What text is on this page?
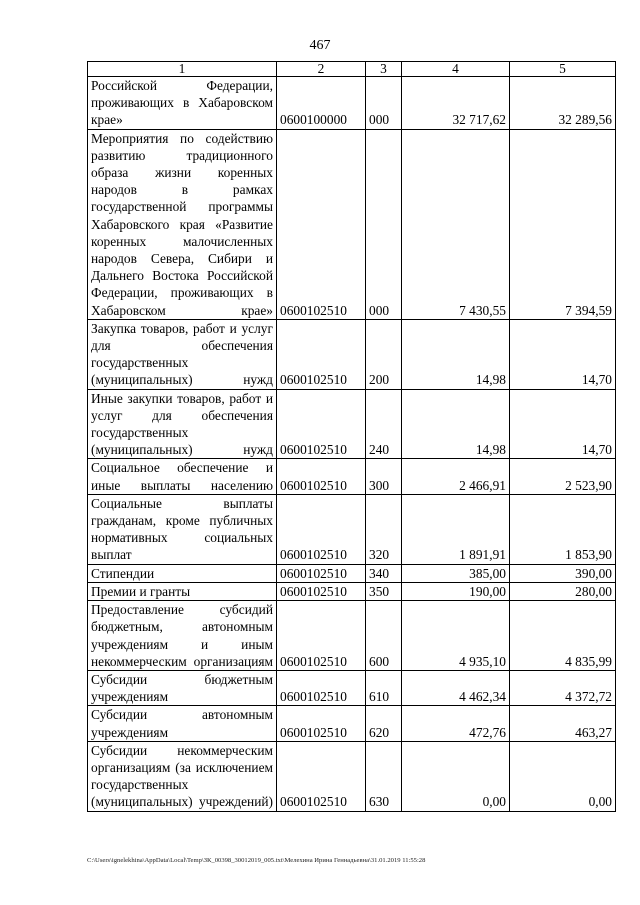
467
1	2	3	4	5
Российской Федерации, проживающих в Хабаровском крае»	0600100000	000	32 717,62	32 289,56
Мероприятия по содействию развитию традиционного образа жизни коренных народов в рамках государственной программы Хабаровского края «Развитие коренных малочисленных народов Севера, Сибири и Дальнего Востока Российской Федерации, проживающих в Хабаровском крае»	0600102510	000	7 430,55	7 394,59
Закупка товаров, работ и услуг для обеспечения государственных (муниципальных) нужд	0600102510	200	14,98	14,70
Иные закупки товаров, работ и услуг для обеспечения государственных (муниципальных) нужд	0600102510	240	14,98	14,70
Социальное обеспечение и иные выплаты населению	0600102510	300	2 466,91	2 523,90
Социальные выплаты гражданам, кроме публичных нормативных социальных выплат	0600102510	320	1 891,91	1 853,90
Стипендии	0600102510	340	385,00	390,00
Премии и гранты	0600102510	350	190,00	280,00
Предоставление субсидий бюджетным, автономным учреждениям и иным некоммерческим организациям	0600102510	600	4 935,10	4 835,99
Субсидии бюджетным учреждениям	0600102510	610	4 462,34	4 372,72
Субсидии автономным учреждениям	0600102510	620	472,76	463,27
Субсидии некоммерческим организациям (за исключением государственных (муниципальных) учреждений)	0600102510	630	0,00	0,00
C:\Users\ignelekhina\AppData\Local\Temp\ЗК_00398_30012019_005.txt\Мелехина Ирина Геннадьевна\31.01.2019 11:55:28
